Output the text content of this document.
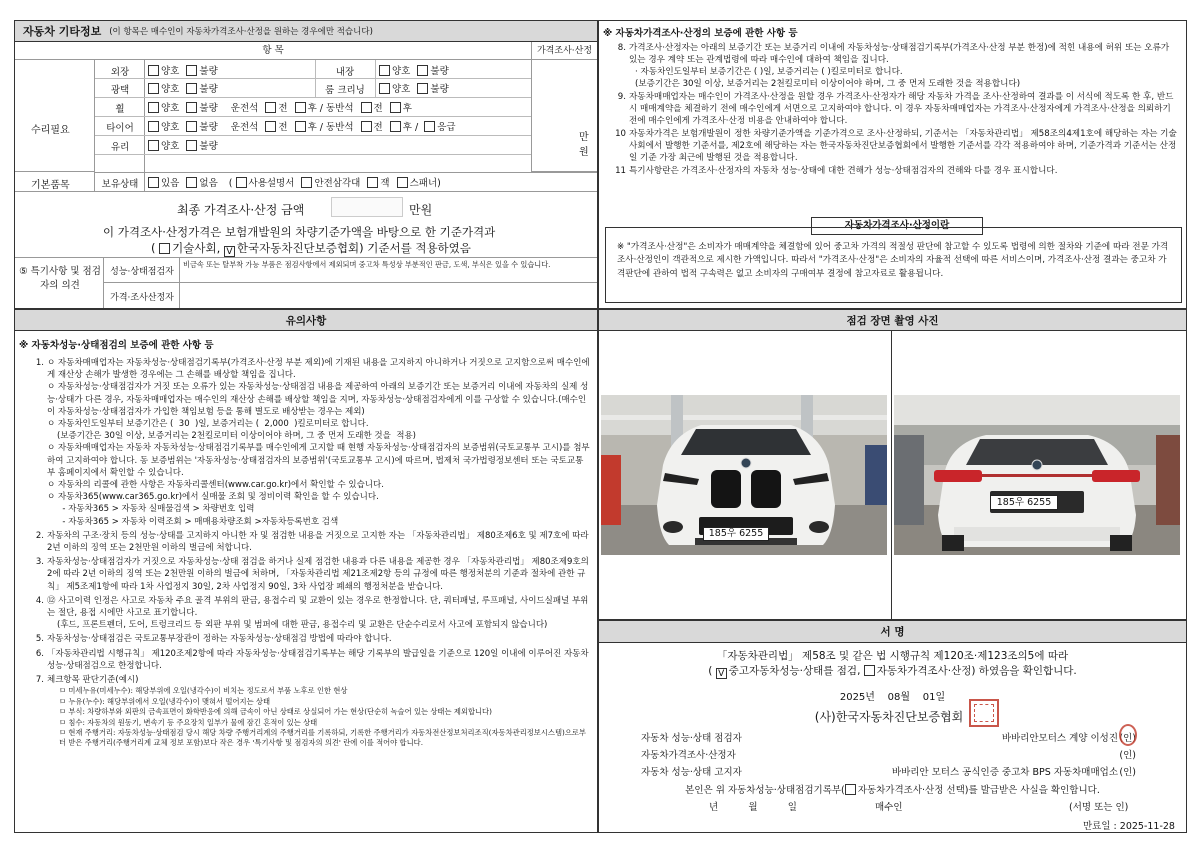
자동차 기타정보 (이 항목은 매수인이 자동차가격조사·산정을 원하는 경우에만 적습니다)
항 목	가격조사·산정
만원
수리필요
기본품목
외장	양호 불량	내장	양호 불량
광택	양호 불량	룸 크리닝	양호 불량
휠	양호 불량 운전석 전 후 / 동반석 전 후
타이어	양호 불량 운전석 전 후 / 동반석 전 후 / 응급
유리	양호 불량
보유상태	있음 없음 ( 사용설명서 안전삼각대 잭 스패너)
최종 가격조사·산정 금액	만원
이 가격조사·산정가격은 보험개발원의 차량기준가액을 바탕으로 한 기준가격과
( 기술사회, V 한국자동차진단보증협회) 기준서를 적용하였음
⑤ 특기사항 및 점검자의 의견
성능·상태점검자
비금속 또는 탈부착 가능 부품은 점검사항에서 제외되며 중고차 특성상 부분적인 판금, 도색, 부식은 있을 수 있습니다.
가격·조사산정자
※ 자동차가격조사·산정의 보증에 관한 사항 등
8. 가격조사·산정자는 아래의 보증기간 또는 보증거리 이내에 자동차성능·상태점검기록부(가격조사·산정 부분 한정)에 적힌 내용에 허위 또는 오류가 있는 경우 계약 또는 관계법령에 따라 매수인에 대하여 책임을 집니다.
· 자동차인도일부터 보증기간은 ( )일, 보증거리는 ( )킬로미터로 합니다.
(보증기간은 30일 이상, 보증거리는 2천킬로미터 이상이어야 하며, 그 중 먼저 도래한 것을 적용합니다)
9. 자동차매매업자는 매수인이 가격조사·산정을 원할 경우 가격조사·산정자가 해당 자동차 가격을 조사·산정하여 결과를 이 서식에 적도록 한 후, 반드시 매매계약을 체결하기 전에 매수인에게 서면으로 고지하여야 합니다. 이 경우 자동차매매업자는 가격조사·산정자에게 가격조사·산정을 의뢰하기 전에 매수인에게 가격조사·산정 비용을 안내하여야 합니다.
10 자동차가격은 보험개발원이 정한 차량기준가액을 기준가격으로 조사·산정하되, 기준서는 「자동차관리법」 제58조의4제1호에 해당하는 자는 기술사회에서 발행한 기준서를, 제2호에 해당하는 자는 한국자동차진단보증협회에서 발행한 기준서를 각각 적용하여야 하며, 기준가격과 기준서는 산정일 기준 가장 최근에 발행된 것을 적용합니다.
11 특기사항란은 가격조사·산정자의 자동차 성능·상태에 대한 견해가 성능·상태점검자의 견해와 다를 경우 표시합니다.
자동차가격조사·산정이란
※ "가격조사·산정"은 소비자가 매매계약을 체결함에 있어 중고차 가격의 적절성 판단에 참고할 수 있도록 법령에 의한 절차와 기준에 따라 전문 가격조사·산정인이 객관적으로 제시한 가액입니다. 따라서 "가격조사·산정"은 소비자의 자율적 선택에 따른 서비스이며, 가격조사·산정 결과는 중고차 가격판단에 관하여 법적 구속력은 없고 소비자의 구매여부 결정에 참고자료로 활용됩니다.
유의사항
※ 자동차성능·상태점검의 보증에 관한 사항 등
1. ㅇ 자동차매매업자는 자동차성능·상태점검기록부(가격조사·산정 부분 제외)에 기재된 내용을 고지하지 아니하거나 거짓으로 고지함으로써 매수인에게 재산상 손해가 발생한 경우에는 그 손해를 배상할 책임을 집니다.
ㅇ 자동차성능·상태점검자가 거짓 또는 오류가 있는 자동차성능·상태점검 내용을 제공하여 아래의 보증기간 또는 보증거리 이내에 자동차의 실제 성능·상태가 다른 경우, 자동차매매업자는 매수인의 재산상 손해를 배상할 책임을 지며, 자동차성능·상태점검자에게 이를 구상할 수 있습니다.(매수인이 자동차성능·상태점검자가 가입한 책임보험 등을 통해 별도로 배상받는 경우는 제외)
ㅇ 자동차인도일부터 보증기간은 (  30  )일, 보증거리는 (  2,000  )킬로미터로 합니다.
(보증기간은 30일 이상, 보증거리는 2천킬로미터 이상이어야 하며, 그 중 먼저 도래한 것을  적용)
ㅇ 자동차매매업자는 자동차 자동차성능·상태점검기록부를 매수인에게 고지할 때 현행 자동차성능·상태점검자의 보증범위(국토교통부 고시)를 첨부하여 고지하여야 합니다. 동 보증범위는 '자동차성능·상태점검자의 보증범위'(국토교통부 고시)에 따르며, 법제처 국가법령정보센터 또는 국토교통부 홈페이지에서 확인할 수 있습니다.
ㅇ 자동차의 리콜에 관한 사항은 자동차리콜센터(www.car.go.kr)에서 확인할 수 있습니다.
ㅇ 자동차365(www.car365.go.kr)에서 실매물 조회 및 정비이력 확인을 할 수 있습니다.
- 자동차365 > 자동차 실매물검색 > 차량번호 입력
- 자동차365 > 자동차 이력조회 > 매매용차량조회 >자동차등록번호 검색
2. 자동차의 구조·장치 등의 성능·상태를 고지하지 아니한 자 및 점검한 내용을 거짓으로 고지한 자는 「자동차관리법」 제80조제6호 및 제7호에 따라 2년 이하의 징역 또는 2천만원 이하의 벌금에 처합니다.
3. 자동차성능·상태점검자가 거짓으로 자동차성능·상태 점검을 하거나 실제 점검한 내용과 다른 내용을 제공한 경우 「자동차관리법」 제80조제9호의2에 따라 2년 이하의 징역 또는 2천만원 이하의 벌금에 처하며, 「자동차관리법 제21조제2항 등의 규정에 따른 행정처분의 기준과 절차에 관한 규칙」 제5조제1항에 따라 1차 사업정지 30일, 2차 사업정지 90일, 3차 사업장 폐쇄의 행정처분을 받습니다.
4. ⑫ 사고이력 인정은 사고로 자동차 주요 골격 부위의 판금, 용접수리 및 교환이 있는 경우로 한정합니다. 단, 쿼터패널, 루프패널, 사이드실패널 부위는 절단, 용접 시에만 사고로 표기합니다.
(후드, 프론트펜더, 도어, 트렁크리드 등 외판 부위 및 범퍼에 대한 판금, 용접수리 및 교환은 단순수리로서 사고에 포함되지 않습니다)
5. 자동차성능·상태점검은 국토교통부장관이 정하는 자동차성능·상태점검 방법에 따라야 합니다.
6. 「자동차관리법 시행규칙」 제120조제2항에 따라 자동차성능·상태점검기록부는 해당 기록부의 발급일을 기준으로 120일 이내에 이루어진 자동차 성능·상태점검으로 한정합니다.
7. 체크항목 판단기준(예시)
ㅁ 미세누유(미세누수): 해당부위에 오일(냉각수)이 비치는 정도로서 부품 노후로 인한 현상
ㅁ 누유(누수): 해당부위에서 오일(냉각수)이 맺혀서 떨어지는 상태
ㅁ 부식: 차량하부와 외판의 금속표면이 화학반응에 의해 금속이 아닌 상태로 상실되어 가는 현상(단순히 녹슬어 있는 상태는 제외합니다)
ㅁ 침수: 자동차의 원동기, 변속기 등 주요장치 일부가 물에 잠긴 흔적이 있는 상태
ㅁ 현재 주행거리: 자동차성능·상태점검 당시 해당 차량 주행거리계의 주행거리를 기록하되, 기록한 주행거리가 자동차전산정보처리조직(자동차관리정보시스템)으로부터 받은 주행거리(주행거리계 교체 정보 포함)보다 작은 경우 '특기사항 및 점검자의 의견' 란에 이를 적어야 합니다.
점검 장면 촬영 사진
185우 6255
185우 6255
서 명
「자동차관리법」 제58조 및 같은 법 시행규칙 제120조·제123조의5에 따라
( V 중고자동차성능·상태를 점검, 자동차가격조사·산정) 하였음을 확인합니다.
2025년    08월    01일
(사)한국자동차진단보증협회
자동차 성능·상태 점검자	바바리안모터스 계양 이성진 (인)
자동차가격조사·산정자	(인)
자동차 성능·상태 고지자	바바리안 모터스 공식인증 중고차 BPS 자동차매매업소 (인)
본인은 위 자동차성능·상태점검기록부( 자동차가격조사·산정 선택)를 발급받은 사실을 확인합니다.
년          월          일	매수인	(서명 또는 인)
만료일 : 2025-11-28
